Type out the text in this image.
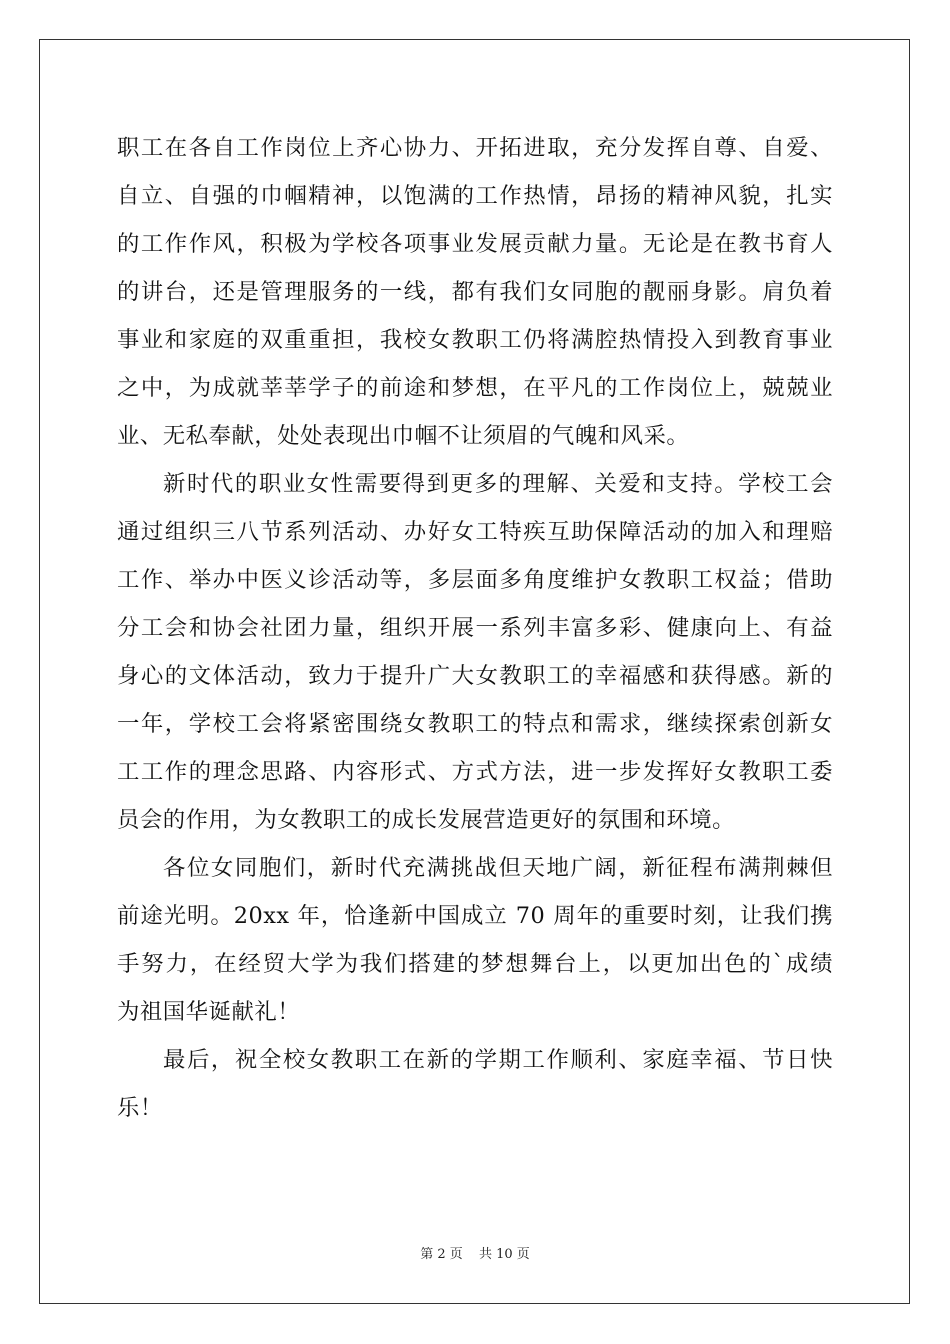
职工在各自工作岗位上齐心协力、开拓进取，充分发挥自尊、自爱、
自立、自强的巾帼精神，以饱满的工作热情，昂扬的精神风貌，扎实
的工作作风，积极为学校各项事业发展贡献力量。无论是在教书育人
的讲台，还是管理服务的一线，都有我们女同胞的靓丽身影。肩负着
事业和家庭的双重重担，我校女教职工仍将满腔热情投入到教育事业
之中，为成就莘莘学子的前途和梦想，在平凡的工作岗位上，兢兢业
业、无私奉献，处处表现出巾帼不让须眉的气魄和风采。
新时代的职业女性需要得到更多的理解、关爱和支持。学校工会
通过组织三八节系列活动、办好女工特疾互助保障活动的加入和理赔
工作、举办中医义诊活动等，多层面多角度维护女教职工权益；借助
分工会和协会社团力量，组织开展一系列丰富多彩、健康向上、有益
身心的文体活动，致力于提升广大女教职工的幸福感和获得感。新的
一年，学校工会将紧密围绕女教职工的特点和需求，继续探索创新女
工工作的理念思路、内容形式、方式方法，进一步发挥好女教职工委
员会的作用，为女教职工的成长发展营造更好的氛围和环境。
各位女同胞们，新时代充满挑战但天地广阔，新征程布满荆棘但
前途光明。20xx 年，恰逢新中国成立 70 周年的重要时刻，让我们携
手努力，在经贸大学为我们搭建的梦想舞台上，以更加出色的`成绩
为祖国华诞献礼！
最后，祝全校女教职工在新的学期工作顺利、家庭幸福、节日快
乐！
第 2 页 共 10 页
